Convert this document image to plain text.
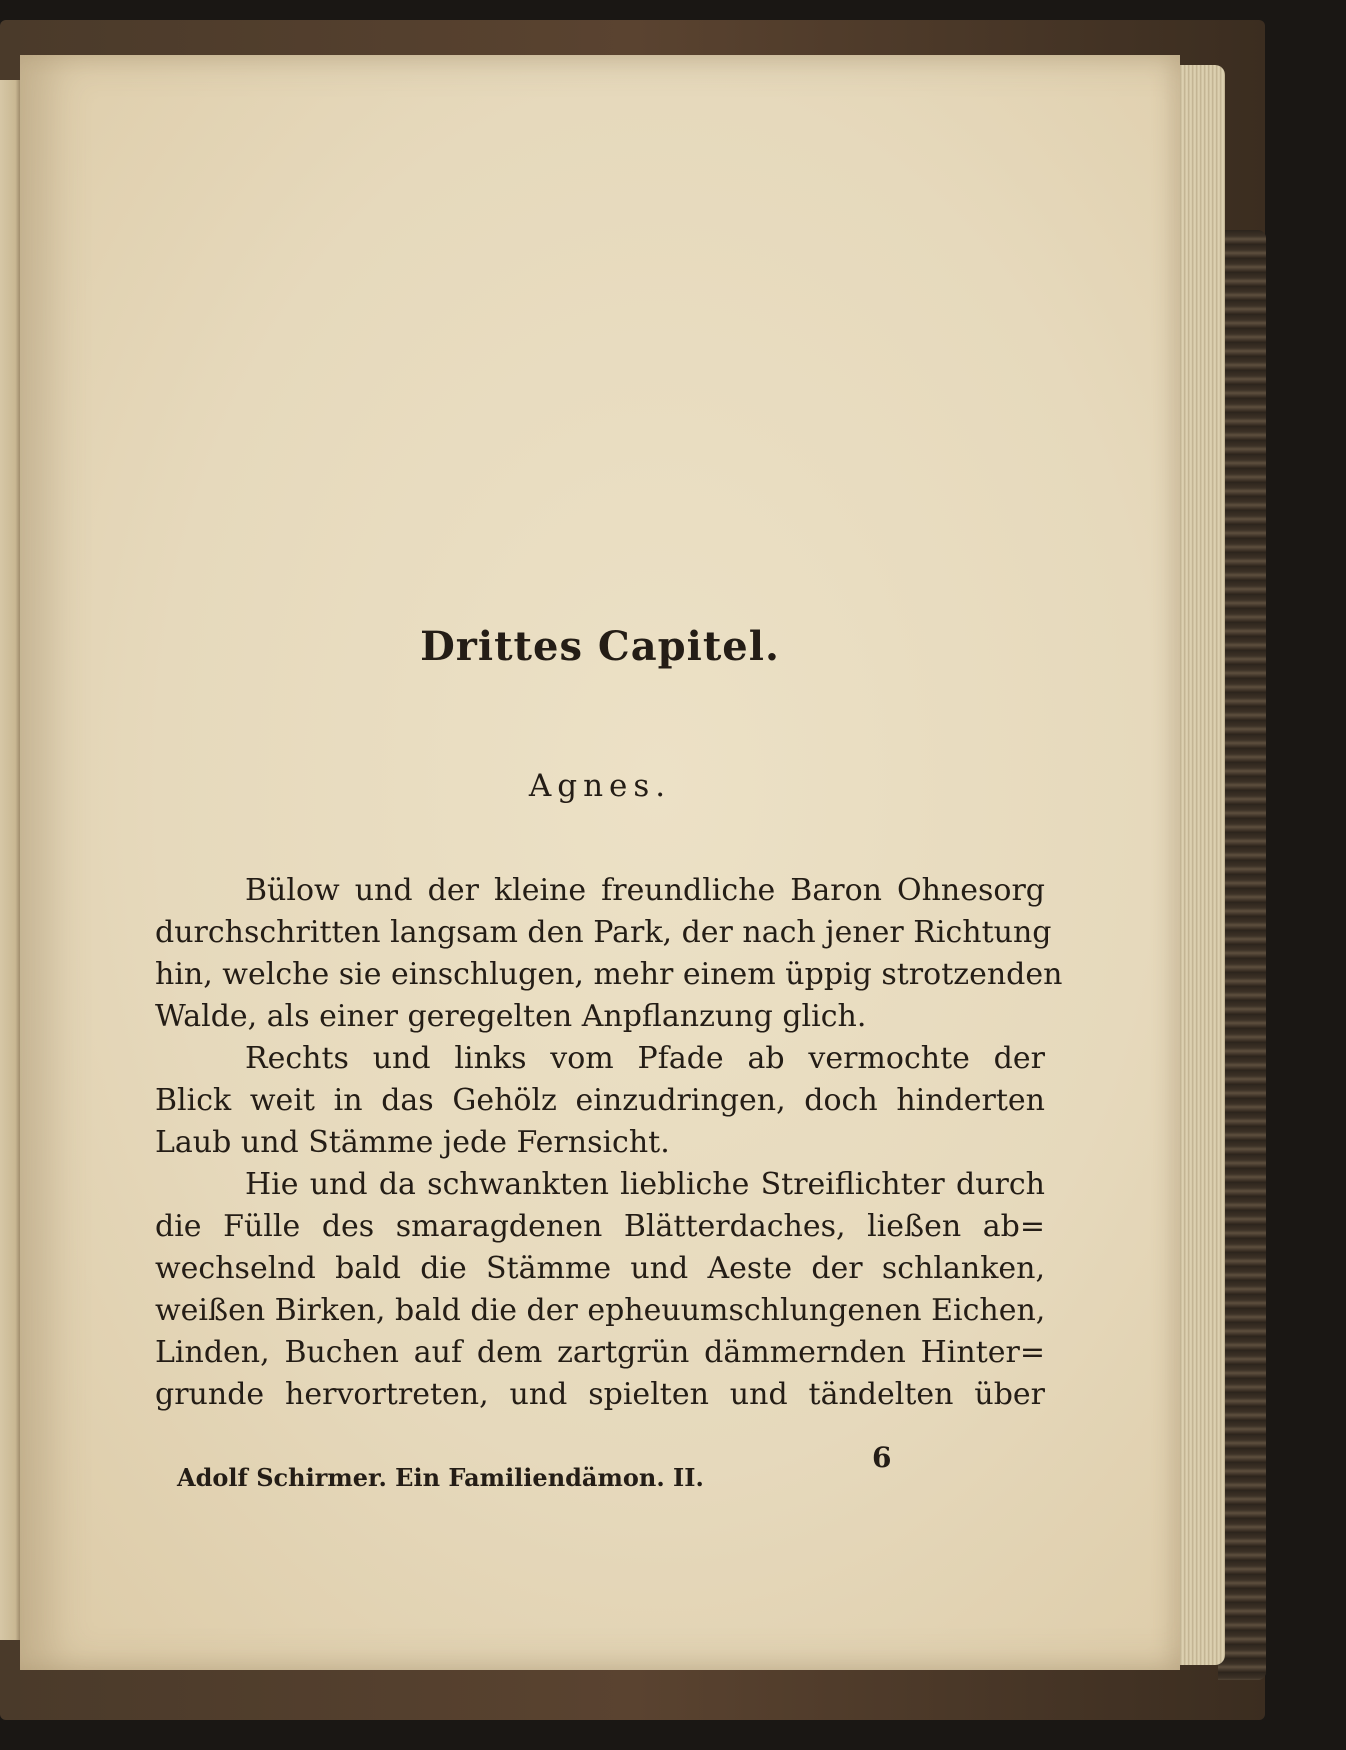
Drittes Capitel.
Agnes.
Bülow und der kleine freundliche Baron Ohnesorg
durchschritten langsam den Park, der nach jener Richtung
hin, welche sie einschlugen, mehr einem üppig strotzenden
Walde, als einer geregelten Anpflanzung glich.
Rechts und links vom Pfade ab vermochte der
Blick weit in das Gehölz einzudringen, doch hinderten
Laub und Stämme jede Fernsicht.
Hie und da schwankten liebliche Streiflichter durch
die Fülle des smaragdenen Blätterdaches, ließen ab=
wechselnd bald die Stämme und Aeste der schlanken,
weißen Birken, bald die der epheuumschlungenen Eichen,
Linden, Buchen auf dem zartgrün dämmernden Hinter=
grunde hervortreten, und spielten und tändelten über
Adolf Schirmer. Ein Familiendämon. II.
6
